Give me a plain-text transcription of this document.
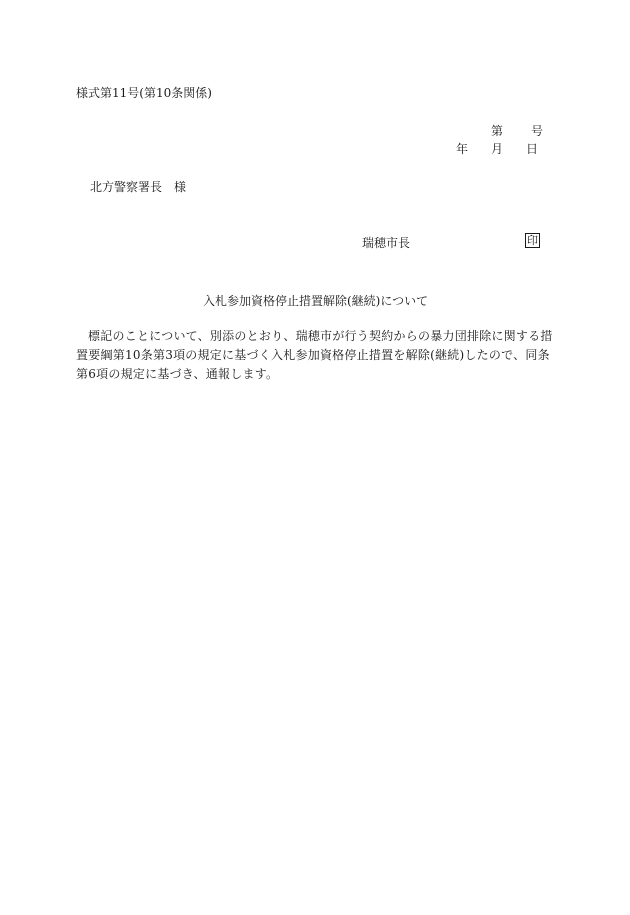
様式第11号(第10条関係)
第 号
年 月 日
北方警察署長　様
瑞穂市長	印
入札参加資格停止措置解除(継続)について
標記のことについて、別添のとおり、瑞穂市が行う契約からの暴力団排除に関する措置要綱第10条第3項の規定に基づく入札参加資格停止措置を解除(継続)したので、同条第6項の規定に基づき、通報します。
